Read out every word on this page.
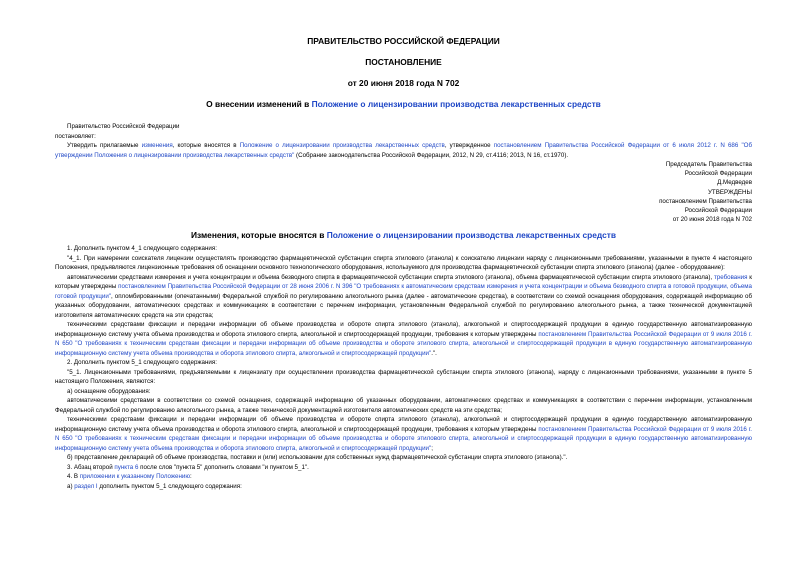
ПРАВИТЕЛЬСТВО РОССИЙСКОЙ ФЕДЕРАЦИИ
ПОСТАНОВЛЕНИЕ
от 20 июня 2018 года N 702
О внесении изменений в Положение о лицензировании производства лекарственных средств
Правительство Российской Федерации
постановляет:
Утвердить прилагаемые изменения, которые вносятся в Положение о лицензировании производства лекарственных средств, утвержденное постановлением Правительства Российской Федерации от 6 июля 2012 г. N 686 "Об утверждении Положения о лицензировании производства лекарственных средств" (Собрание законодательства Российской Федерации, 2012, N 29, ст.4116; 2013, N 16, ст.1970).
Председатель Правительства
Российской Федерации
Д.Медведев
УТВЕРЖДЕНЫ
постановлением Правительства
Российской Федерации
от 20 июня 2018 года N 702
Изменения, которые вносятся в Положение о лицензировании производства лекарственных средств
1. Дополнить пунктом 4_1 следующего содержания:
"4_1. При намерении соискателя лицензии осуществлять производство фармацевтической субстанции спирта этилового (этанола) к соискателю лицензии наряду с лицензионными требованиями, указанными в пункте 4 настоящего Положения, предъявляются лицензионные требования об оснащении основного технологического оборудования, используемого для производства фармацевтической субстанции спирта этилового (этанола) (далее - оборудование):
автоматическими средствами измерения и учета концентрации и объема безводного спирта в фармацевтической субстанции спирта этилового (этанола), объема фармацевтической субстанции спирта этилового (этанола), требования к которым утверждены постановлением Правительства Российской Федерации от 28 июня 2006 г. N 396 "О требованиях к автоматическим средствам измерения и учета концентрации и объема безводного спирта в готовой продукции, объема готовой продукции", опломбированными (опечатанными) Федеральной службой по регулированию алкогольного рынка (далее - автоматические средства), в соответствии со схемой оснащения оборудования, содержащей информацию об указанных оборудовании, автоматических средствах и коммуникациях в соответствии с перечнем информации, установленным Федеральной службой по регулированию алкогольного рынка, а также технической документацией изготовителя автоматических средств на эти средства;
техническими средствами фиксации и передачи информации об объеме производства и обороте спирта этилового (этанола), алкогольной и спиртосодержащей продукции в единую государственную автоматизированную информационную систему учета объема производства и оборота этилового спирта, алкогольной и спиртосодержащей продукции, требования к которым утверждены постановлением Правительства Российской Федерации от 9 июля 2016 г. N 650 "О требованиях к техническим средствам фиксации и передачи информации об объеме производства и обороте этилового спирта, алкогольной и спиртосодержащей продукции в единую государственную автоматизированную информационную систему учета объема производства и оборота этилового спирта, алкогольной и спиртосодержащей продукции".".
2. Дополнить пунктом 5_1 следующего содержания:
"5_1. Лицензионными требованиями, предъявляемыми к лицензиату при осуществлении производства фармацевтической субстанции спирта этилового (этанола), наряду с лицензионными требованиями, указанными в пункте 5 настоящего Положения, являются:
а) оснащение оборудования:
автоматическими средствами в соответствии со схемой оснащения, содержащей информацию об указанных оборудовании, автоматических средствах и коммуникациях в соответствии с перечнем информации, установленным Федеральной службой по регулированию алкогольного рынка, а также технической документацией изготовителя автоматических средств на эти средства;
техническими средствами фиксации и передачи информации об объеме производства и обороте спирта этилового (этанола), алкогольной и спиртосодержащей продукции в единую государственную автоматизированную информационную систему учета объема производства и оборота этилового спирта, алкогольной и спиртосодержащей продукции, требования к которым утверждены постановлением Правительства Российской Федерации от 9 июля 2016 г. N 650 "О требованиях к техническим средствам фиксации и передачи информации об объеме производства и обороте этилового спирта, алкогольной и спиртосодержащей продукции в единую государственную автоматизированную информационную систему учета объема производства и оборота этилового спирта, алкогольной и спиртосодержащей продукции";
б) представление деклараций об объеме производства, поставки и (или) использовании для собственных нужд фармацевтической субстанции спирта этилового (этанола).".
3. Абзац второй пункта 6 после слов "пункта 5" дополнить словами "и пунктом 5_1".
4. В приложении к указанному Положению:
а) раздел I дополнить пунктом 5_1 следующего содержания:
